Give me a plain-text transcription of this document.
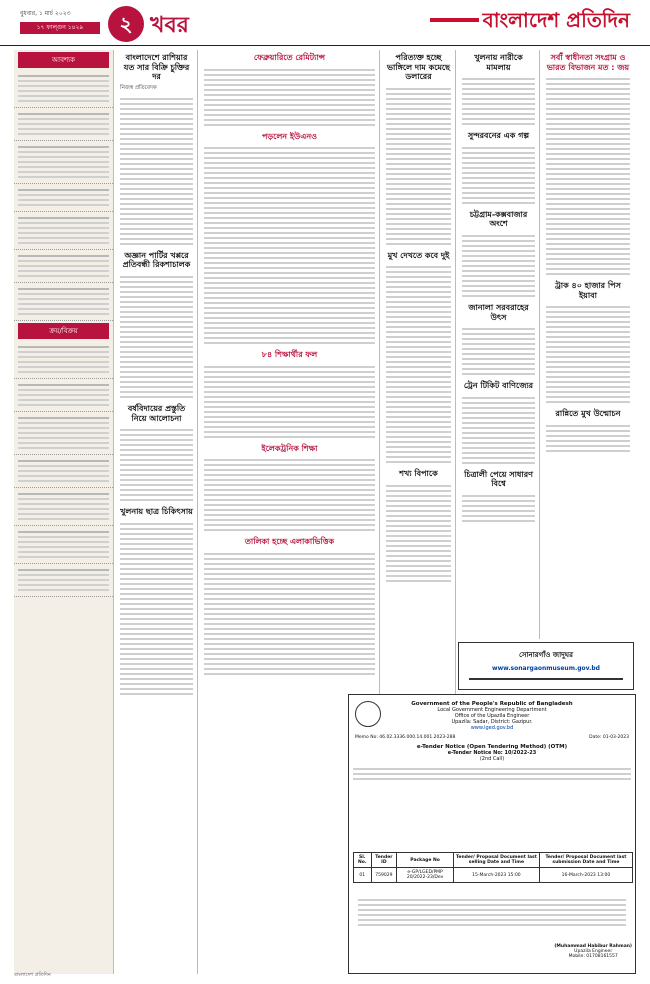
বুধবার, ১ মার্চ ২০২৩
১৭ ফাল্গুন ১৪২৯	২ খবর	বাংলাদেশ প্রতিদিন
আবশ্যক
ক্রয়/বিক্রয়
বাংলাদেশে রাশিয়ার যত সার বিক্রি চুক্তির দর
নিজস্ব প্রতিবেদক
অজ্ঞান পার্টির খপ্পরে প্রতিবন্ধী রিকশাচালক
বর্ষবিদায়ের প্রস্তুতি নিয়ে আলোচনা
খুলনায় ছাত্র চিকিৎসায়
ফেব্রুয়ারিতে রেমিট্যান্স
পড়লেন ইউএনও
৮৪ শিক্ষার্থীর ফল
ইলেকট্রনিক শিক্ষা
তালিকা হচ্ছে এলাকাভিত্তিক
পরিত্যক্ত হচ্ছে ভাঙ্গিলে দাম কমেছে ডলারের
মুখ দেখতে কবে দুই
শখ্য বিপাকে
খুলনায় নারীকে মামলায়
সুন্দরবনের এক গল্প
চট্টগ্রাম-কক্সবাজার অংশে
জানালা সরবরাহের উৎস
ট্রেন টিকিট বাণিজ্যের
চিত্রালী পেয়ে সাধারণ বিশ্বে
সর্বাঁ স্বাধীনতা সংগ্রাম ও ভারত বিভাজন মত : জয়
ট্রাক ৪০ হাজার পিস ইয়াবা
রান্নিতে মুখ উন্মোচন
সোনারগাঁও জাদুঘর
www.sonargaonmuseum.gov.bd
Government of the People's Republic of Bangladesh
Local Government Engineering Department
Office of the Upazila Engineer
Upazila: Sadar, District: Gazipur.
www.lged.gov.bd
Memo No: 46.02.3336.000.14.001.2023-288	Date: 01-03-2023
e-Tender Notice (Open Tendering Method) (OTM)
e-Tender Notice No: 10/2022-23
(2nd Call)
Sl. No.	Tender ID	Package No	Tender/ Proposal Document last selling Date and Time	Tender/ Proposal Document last submission Date and Time
01	759029	e-GP/LGED/PMP 20/2022-23/Dev	15-March-2023 15:00	16-March-2023 13:00
(Muhammad Habibur Rahman)
Upazila Engineer
Mobile: 01708161557
বাংলাদেশ প্রতিদিন
